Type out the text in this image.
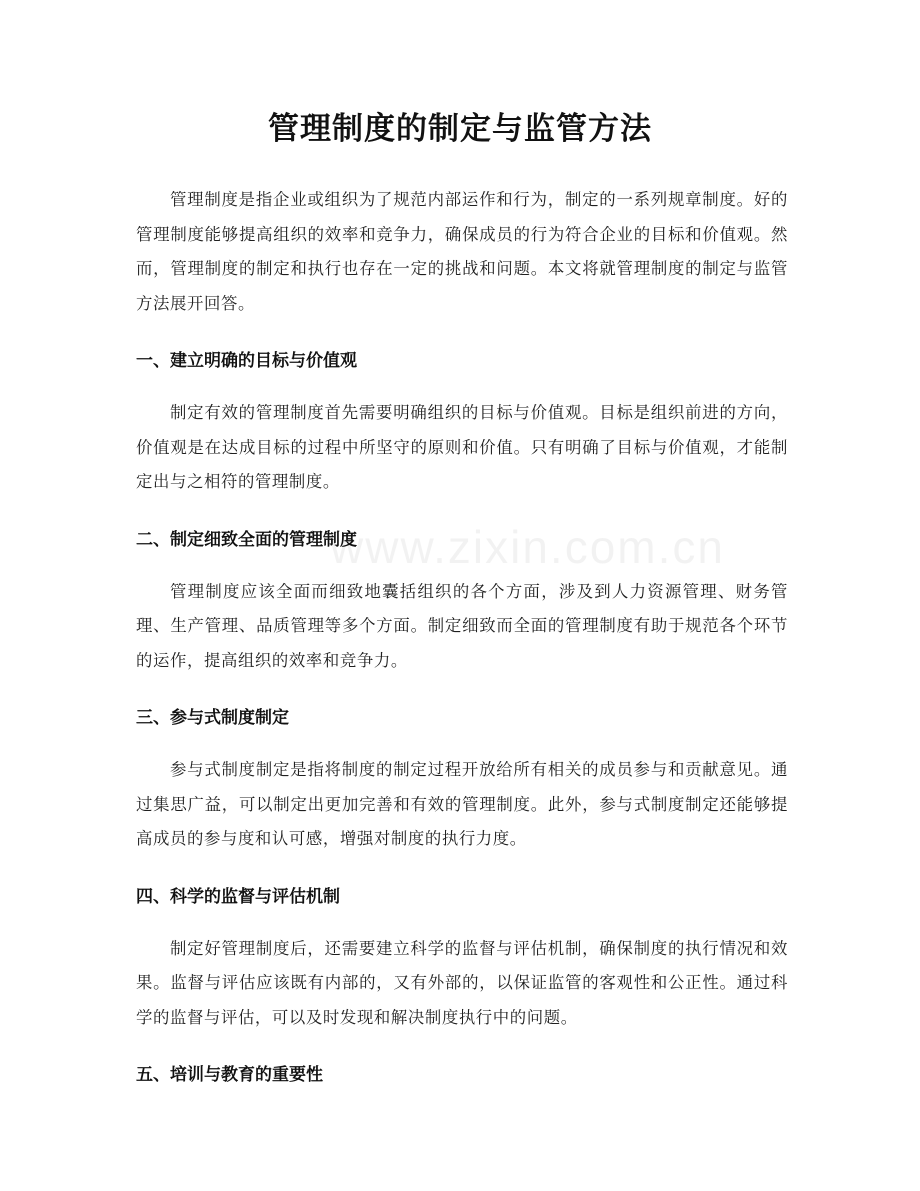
管理制度的制定与监管方法

管理制度是指企业或组织为了规范内部运作和行为，制定的一系列规章制度。好的管理制度能够提高组织的效率和竞争力，确保成员的行为符合企业的目标和价值观。然而，管理制度的制定和执行也存在一定的挑战和问题。本文将就管理制度的制定与监管方法展开回答。

一、建立明确的目标与价值观

制定有效的管理制度首先需要明确组织的目标与价值观。目标是组织前进的方向，价值观是在达成目标的过程中所坚守的原则和价值。只有明确了目标与价值观，才能制定出与之相符的管理制度。

二、制定细致全面的管理制度

管理制度应该全面而细致地囊括组织的各个方面，涉及到人力资源管理、财务管理、生产管理、品质管理等多个方面。制定细致而全面的管理制度有助于规范各个环节的运作，提高组织的效率和竞争力。

三、参与式制度制定

参与式制度制定是指将制度的制定过程开放给所有相关的成员参与和贡献意见。通过集思广益，可以制定出更加完善和有效的管理制度。此外，参与式制度制定还能够提高成员的参与度和认可感，增强对制度的执行力度。

四、科学的监督与评估机制

制定好管理制度后，还需要建立科学的监督与评估机制，确保制度的执行情况和效果。监督与评估应该既有内部的，又有外部的，以保证监管的客观性和公正性。通过科学的监督与评估，可以及时发现和解决制度执行中的问题。

五、培训与教育的重要性
www.zixin.com.cn
